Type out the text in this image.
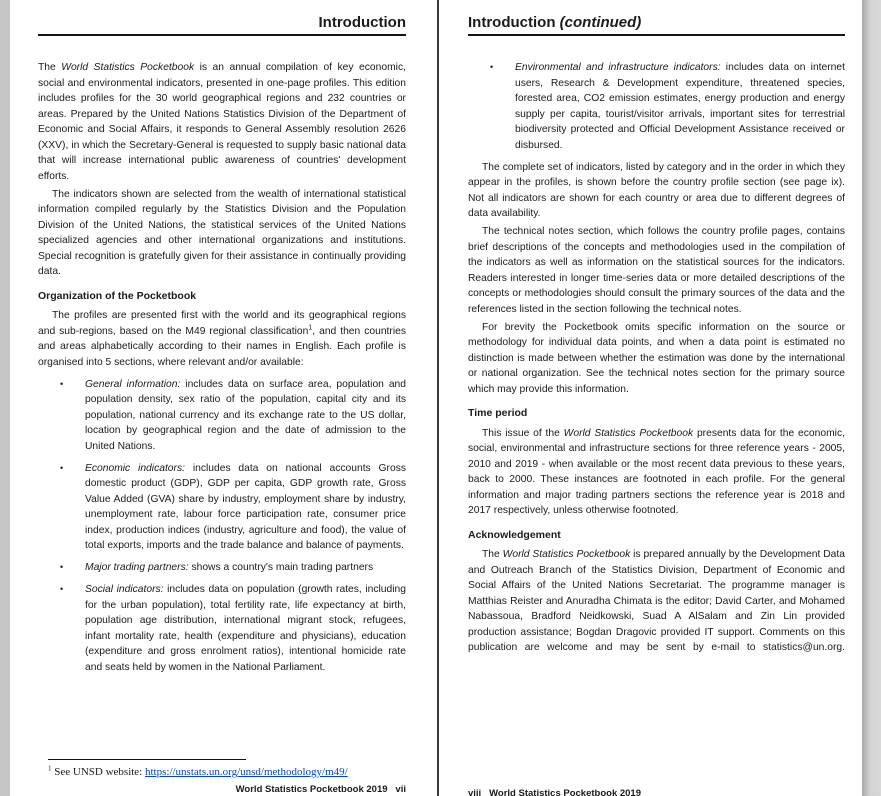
Introduction

The World Statistics Pocketbook is an annual compilation of key economic, social and environmental indicators, presented in one-page profiles. This edition includes profiles for the 30 world geographical regions and 232 countries or areas. Prepared by the United Nations Statistics Division of the Department of Economic and Social Affairs, it responds to General Assembly resolution 2626 (XXV), in which the Secretary-General is requested to supply basic national data that will increase international public awareness of countries' development efforts.

The indicators shown are selected from the wealth of international statistical information compiled regularly by the Statistics Division and the Population Division of the United Nations, the statistical services of the United Nations specialized agencies and other international organizations and institutions. Special recognition is gratefully given for their assistance in continually providing data.

Organization of the Pocketbook

The profiles are presented first with the world and its geographical regions and sub-regions, based on the M49 regional classification$^1$, and then countries and areas alphabetically according to their names in English. Each profile is organised into 5 sections, where relevant and/or available:

•	General information: includes data on surface area, population and population density, sex ratio of the population, capital city and its population, national currency and its exchange rate to the US dollar, location by geographical region and the date of admission to the United Nations.
•	Economic indicators: includes data on national accounts Gross domestic product (GDP), GDP per capita, GDP growth rate, Gross Value Added (GVA) share by industry, employment share by industry, unemployment rate, labour force participation rate, consumer price index, production indices (industry, agriculture and food), the value of total exports, imports and the trade balance and balance of payments.
•	Major trading partners: shows a country's main trading partners
•	Social indicators: includes data on population (growth rates, including for the urban population), total fertility rate, life expectancy at birth, population age distribution, international migrant stock, refugees, infant mortality rate, health (expenditure and physicians), education (expenditure and gross enrolment ratios), intentional homicide rate and seats held by women in the National Parliament.
$^1$ See UNSD website: https://unstats.un.org/unsd/methodology/m49/
World Statistics Pocketbook 2019   vii
Introduction (continued)
•	Environmental and infrastructure indicators: includes data on internet users, Research & Development expenditure, threatened species, forested area, CO2 emission estimates, energy production and energy supply per capita, tourist/visitor arrivals, important sites for terrestrial biodiversity protected and Official Development Assistance received or disbursed.

The complete set of indicators, listed by category and in the order in which they appear in the profiles, is shown before the country profile section (see page ix). Not all indicators are shown for each country or area due to different degrees of data availability.

The technical notes section, which follows the country profile pages, contains brief descriptions of the concepts and methodologies used in the compilation of the indicators as well as information on the statistical sources for the indicators. Readers interested in longer time-series data or more detailed descriptions of the concepts or methodologies should consult the primary sources of the data and the references listed in the section following the technical notes.

For brevity the Pocketbook omits specific information on the source or methodology for individual data points, and when a data point is estimated no distinction is made between whether the estimation was done by the international or national organization. See the technical notes section for the primary source which may provide this information.

Time period

This issue of the World Statistics Pocketbook presents data for the economic, social, environmental and infrastructure sections for three reference years - 2005, 2010 and 2019 - when available or the most recent data previous to these years, back to 2000. These instances are footnoted in each profile. For the general information and major trading partners sections the reference year is 2018 and 2017 respectively, unless otherwise footnoted.

Acknowledgement

The World Statistics Pocketbook is prepared annually by the Development Data and Outreach Branch of the Statistics Division, Department of Economic and Social Affairs of the United Nations Secretariat. The programme manager is Matthias Reister and Anuradha Chimata is the editor; David Carter, and Mohamed Nabassoua, Bradford Neidkowski, Suad A AlSalam and Zin Lin provided production assistance; Bogdan Dragovic provided IT support. Comments on this publication are welcome and may be sent by e-mail to statistics@un.org.

viii   World Statistics Pocketbook 2019
